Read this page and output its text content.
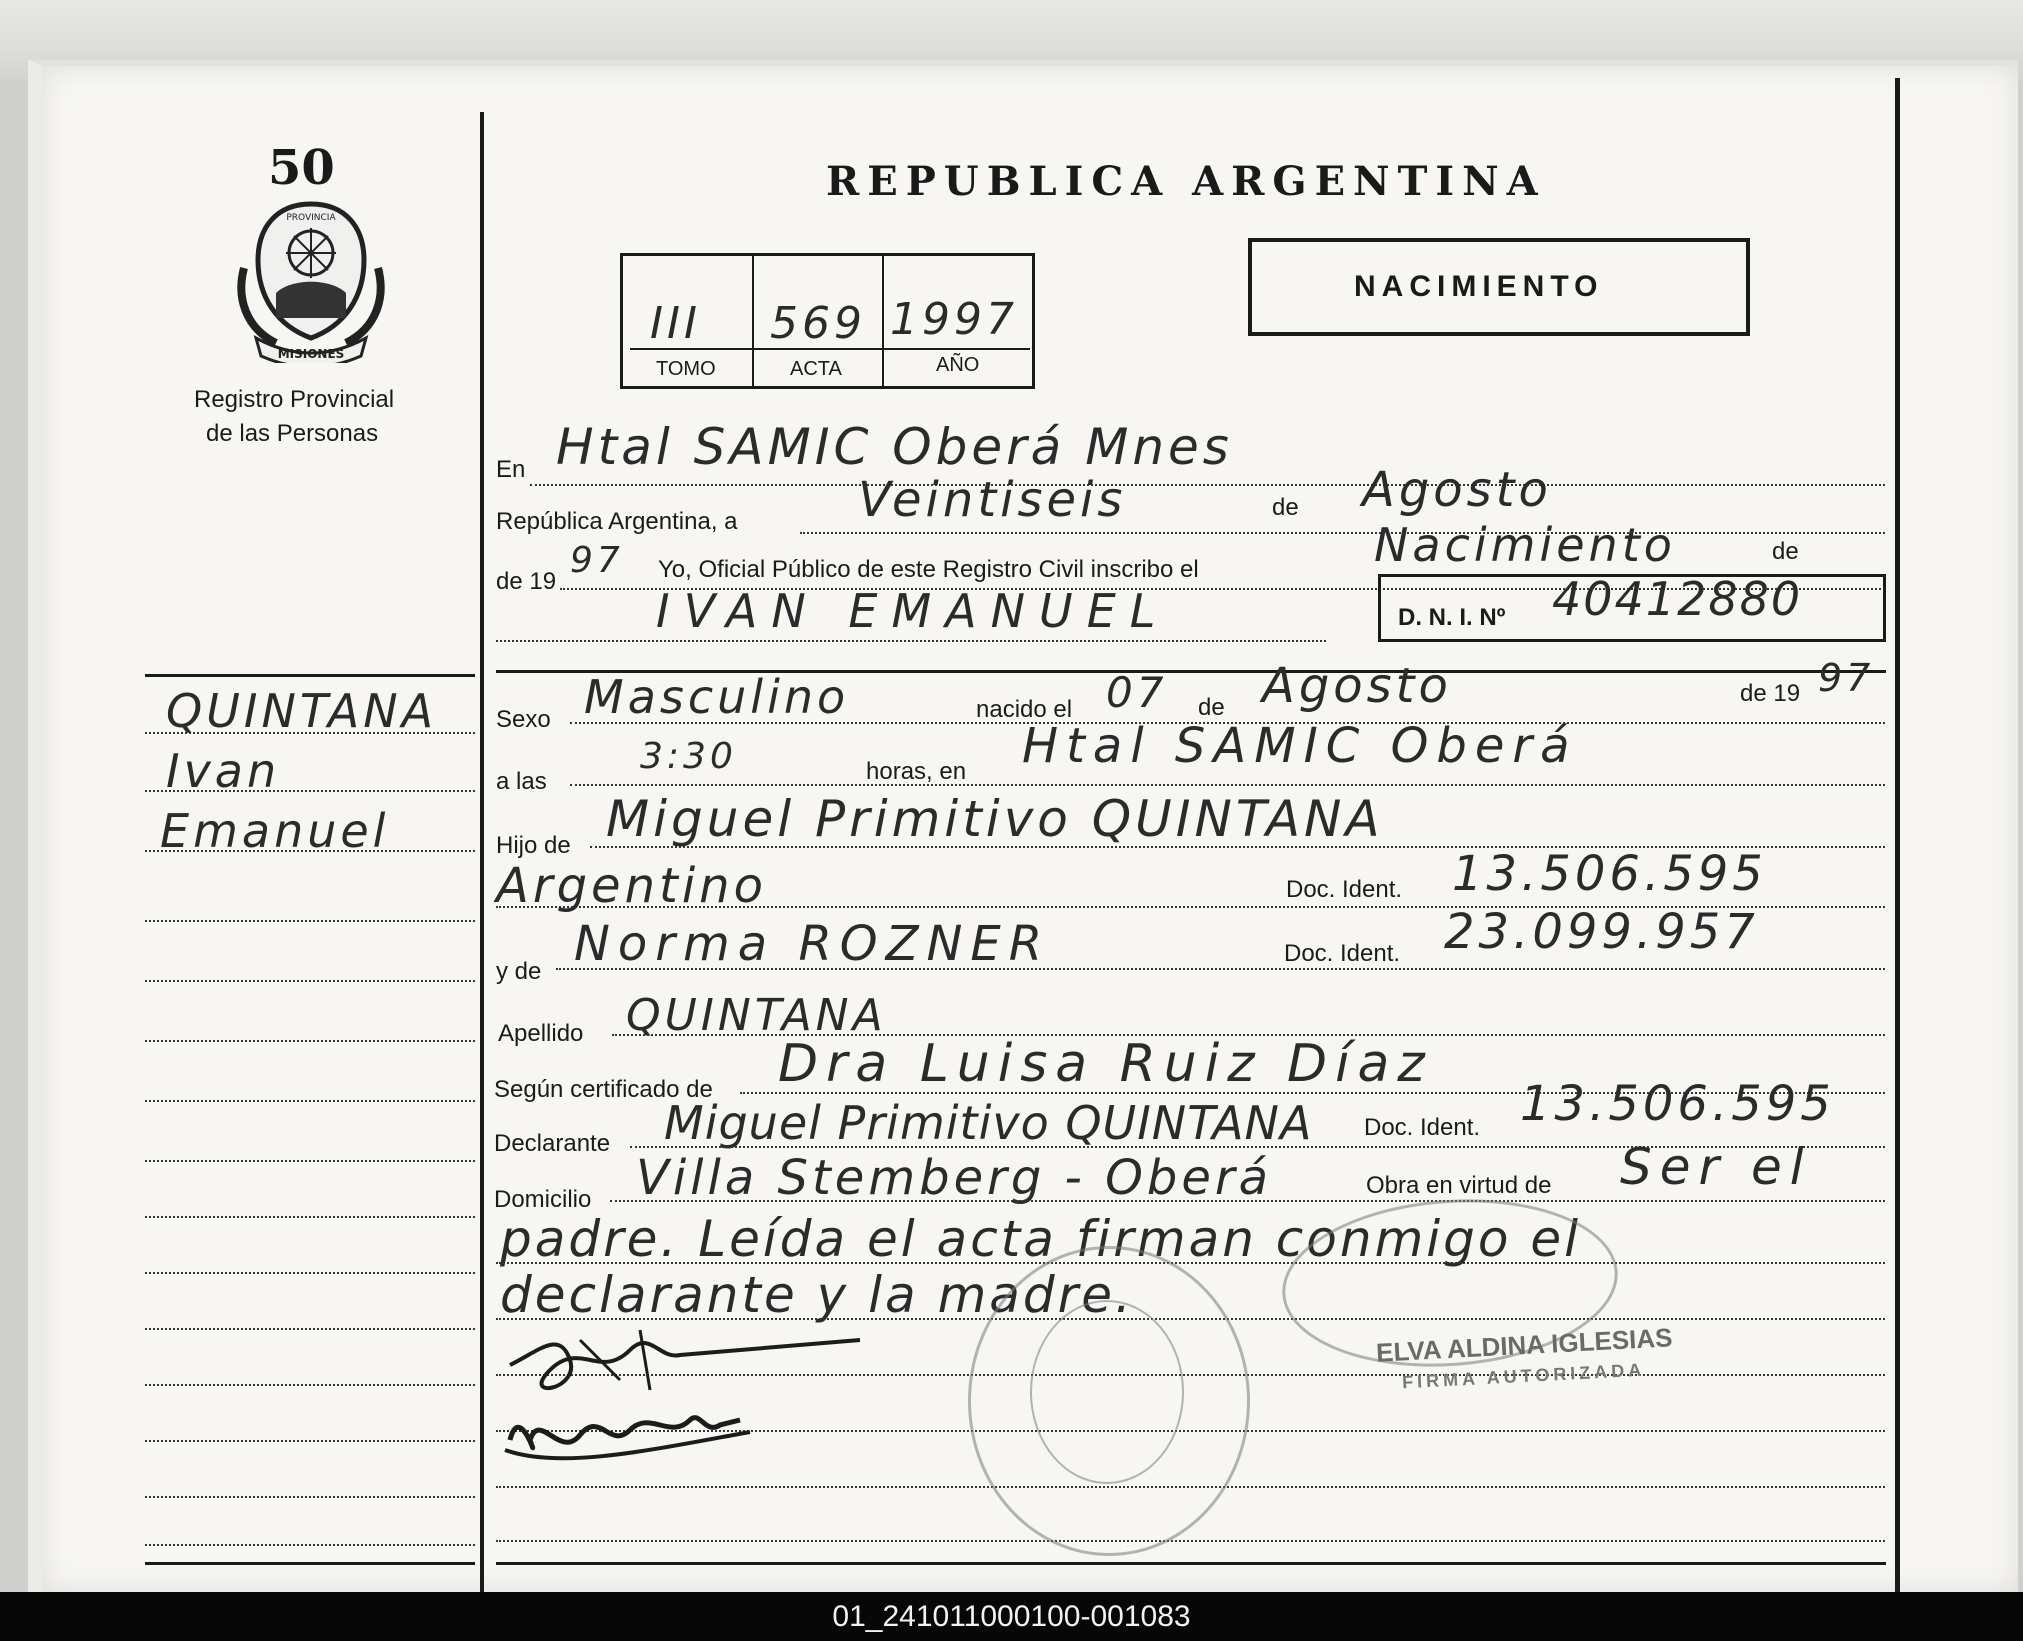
50
MISIONES
PROVINCIA
Registro Provincial
de las Personas
REPUBLICA ARGENTINA
NACIMIENTO
III 569 1997
TOMO	ACTA	AÑO
En Htal SAMIC Oberá Mnes
República Argentina, a	Veintiseis	de Agosto
de 19
97 Yo, Oficial Público de este Registro Civil inscribo el	Nacimiento	de
IVAN EMANUEL	D. N. I. Nº 40412880
Sexo Masculino	nacido el 07 de Agosto	de 19 97
a las
3:30	horas, en Htal SAMIC Oberá
Hijo de Miguel Primitivo QUINTANA
Argentino	Doc. Ident. 13.506.595
y de Norma ROZNER	Doc. Ident. 23.099.957
Apellido QUINTANA
Según certificado de Dra Luisa Ruiz Díaz
Declarante Miguel Primitivo QUINTANA Doc. Ident. 13.506.595
Domicilio Villa Stemberg - Oberá	Obra en virtud de Ser el
padre. Leída el acta firman conmigo el
declarante y la madre.
ELVA ALDINA IGLESIAS
FIRMA AUTORIZADA
QUINTANA
Ivan
Emanuel
01_241011000100-001083
